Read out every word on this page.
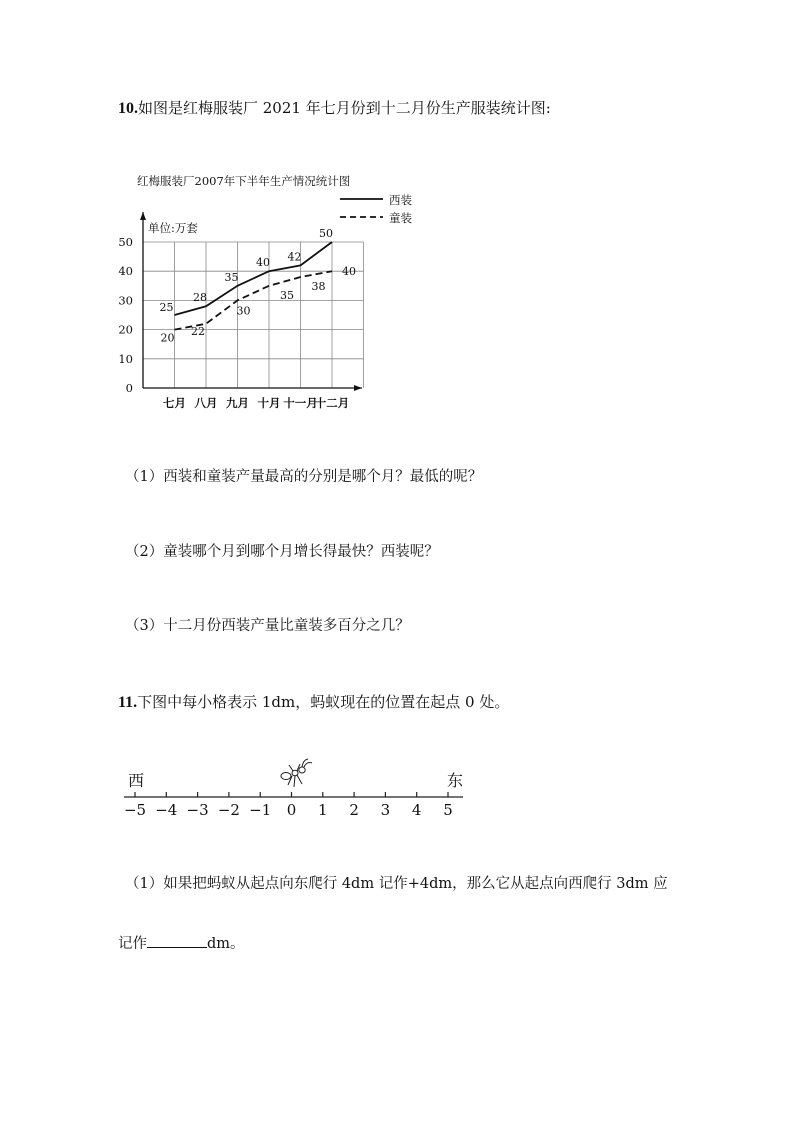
10.如图是红梅服装厂 2021 年七月份到十二月份生产服装统计图:
红梅服装厂2007年下半年生产情况统计图
单位:万套
西装
童装
0
10
20
30
40
50
七月 八月 九月 十月 十一月
十二月
25
28
35
40 42
50
20
22
30
35
38
40
（1）西装和童装产量最高的分别是哪个月？最低的呢？
（2）童装哪个月到哪个月增长得最快？西装呢？
（3）十二月份西装产量比童装多百分之几？
11.下图中每小格表示 1dm，蚂蚁现在的位置在起点 0 处。
西	东
−5 −4 −3 −2 −1 0 1 2 3 4 5
（1）如果把蚂蚁从起点向东爬行 4dm 记作+4dm，那么它从起点向西爬行 3dm 应
记作	dm。
